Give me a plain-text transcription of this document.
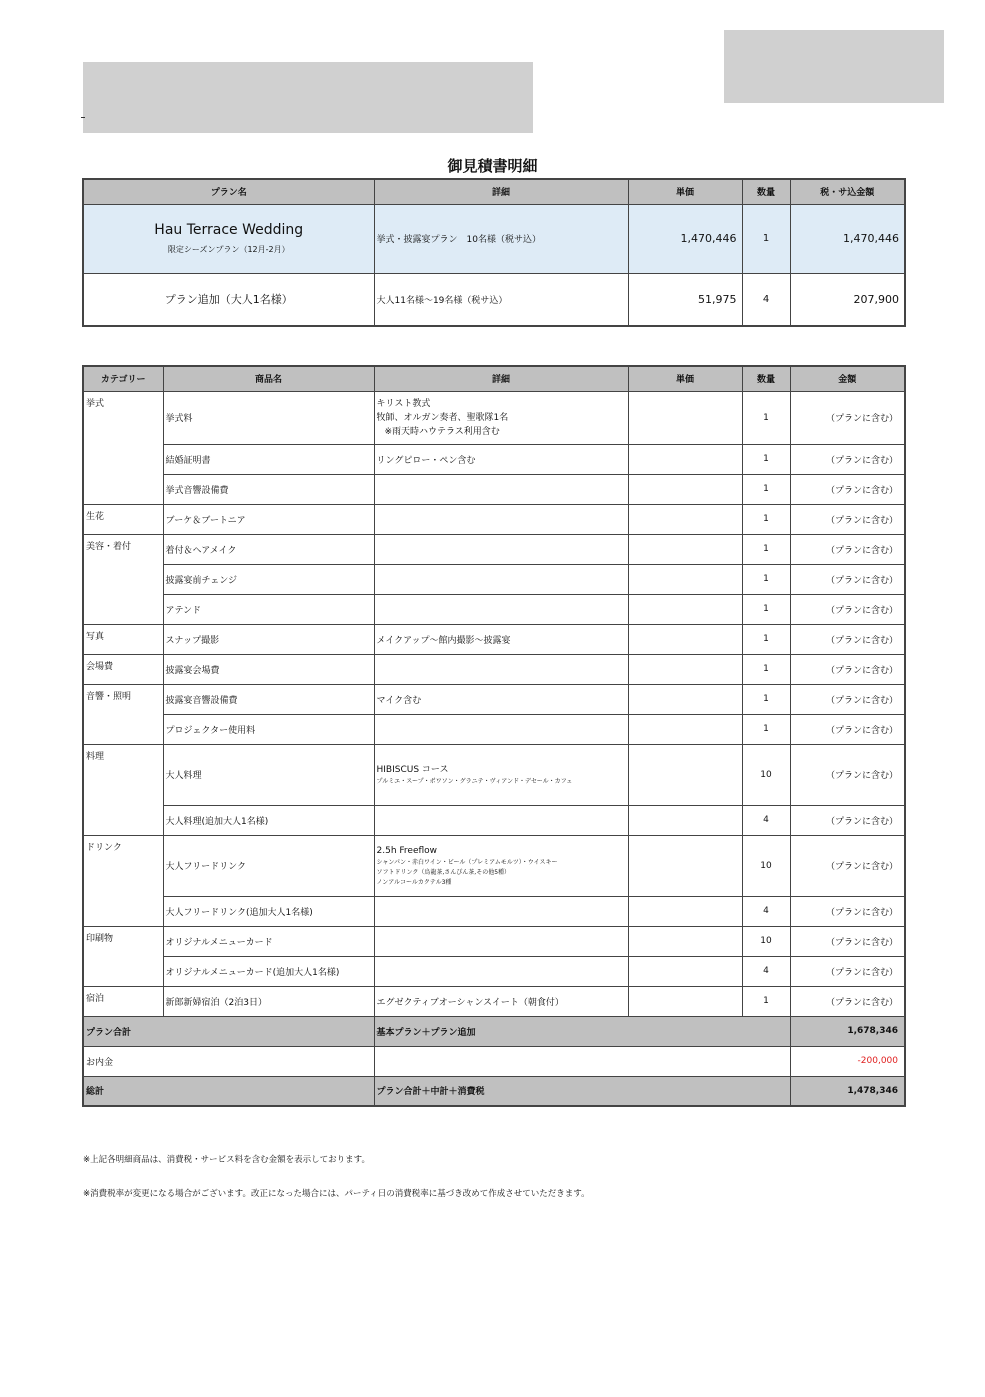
御見積書明細
プラン名	詳細	単価	数量	税・サ込金額

Hau Terrace Wedding
限定シーズンプラン（12月-2月）	挙式・披露宴プラン　10名様（税サ込）	1,470,446	1	1,470,446
プラン追加（大人1名様）	大人11名様～19名様（税サ込）	51,975	4	207,900
カテゴリー	商品名	詳細	単価	数量	金額
挙式	挙式料	キリスト教式
牧師、オルガン奏者、聖歌隊1名
※雨天時ハウテラス利用含む		1	（プランに含む）
	結婚証明書	リングピロー・ペン含む		1	（プランに含む）
	挙式音響設備費			1	（プランに含む）
生花	ブーケ＆ブートニア			1	（プランに含む）
美容・着付	着付＆ヘアメイク			1	（プランに含む）
	披露宴前チェンジ			1	（プランに含む）
	アテンド			1	（プランに含む）
写真	スナップ撮影	メイクアップ～館内撮影～披露宴		1	（プランに含む）
会場費	披露宴会場費			1	（プランに含む）
音響・照明	披露宴音響設備費	マイク含む		1	（プランに含む）
	プロジェクター使用料			1	（プランに含む）
料理	大人料理	HIBISCUS コース
プルミエ・スープ・ポワソン・グラニテ・ヴィアンド・デセール・カフェ		10	（プランに含む）
	大人料理(追加大人1名様)			4	（プランに含む）
ドリンク	大人フリードリンク	2.5h Freeflow
シャンパン・赤白ワイン・ビール（プレミアムモルツ）・ウイスキー
ソフトドリンク（烏龍茶,さんぴん茶,その他5種）
ノンアルコールカクテル3種		10	（プランに含む）
	大人フリードリンク(追加大人1名様)			4	（プランに含む）
印刷物	オリジナルメニューカード			10	（プランに含む）
	オリジナルメニューカード(追加大人1名様)			4	（プランに含む）
宿泊	新郎新婦宿泊（2泊3日）	エグゼクティブオーシャンスイート（朝食付）		1	（プランに含む）
プラン合計		基本プラン＋プラン追加			1,678,346
お内金					-200,000
総計		プラン合計＋中計＋消費税			1,478,346
※上記各明細商品は、消費税・サービス料を含む金額を表示しております。
※消費税率が変更になる場合がございます。改正になった場合には、パーティ日の消費税率に基づき改めて作成させていただきます。
